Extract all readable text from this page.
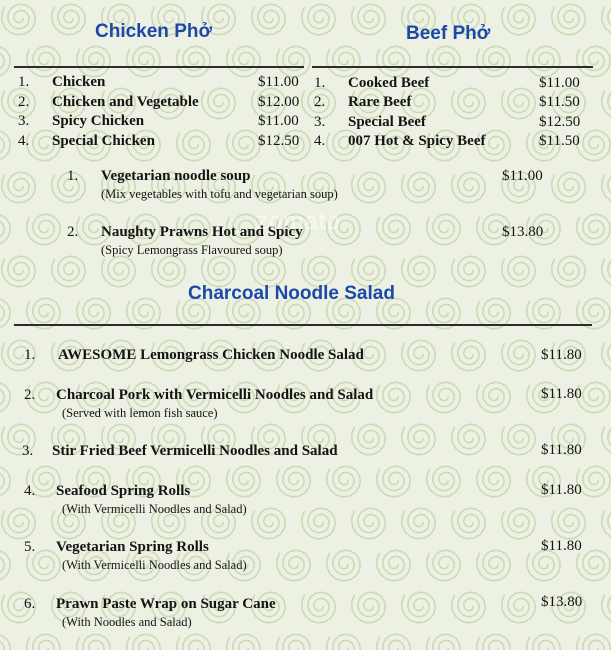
Chicken Phở	Beef Phở
1. Chicken	$11.00
2. Chicken and Vegetable	$12.00
3. Spicy Chicken	$11.00
4. Special Chicken	$12.50
1. Cooked Beef	$11.00
2. Rare Beef	$11.50
3. Special Beef	$12.50
4. 007 Hot & Spicy Beef	$11.50
1. Vegetarian noodle soup
(Mix vegetables with tofu and vegetarian soup)
$11.00
2. Naughty Prawns Hot and Spicy
(Spicy Lemongrass Flavoured soup)
$13.80
zomato
Charcoal Noodle Salad
1. AWESOME Lemongrass Chicken Noodle Salad	$11.80
2. Charcoal Pork with Vermicelli Noodles and Salad
(Served with lemon fish sauce)
$11.80
3. Stir Fried Beef Vermicelli Noodles and Salad	$11.80
4. Seafood Spring Rolls
(With Vermicelli Noodles and Salad)
$11.80
5. Vegetarian Spring Rolls
(With Vermicelli Noodles and Salad)
$11.80
6. Prawn Paste Wrap on Sugar Cane
(With Noodles and Salad)
$13.80
